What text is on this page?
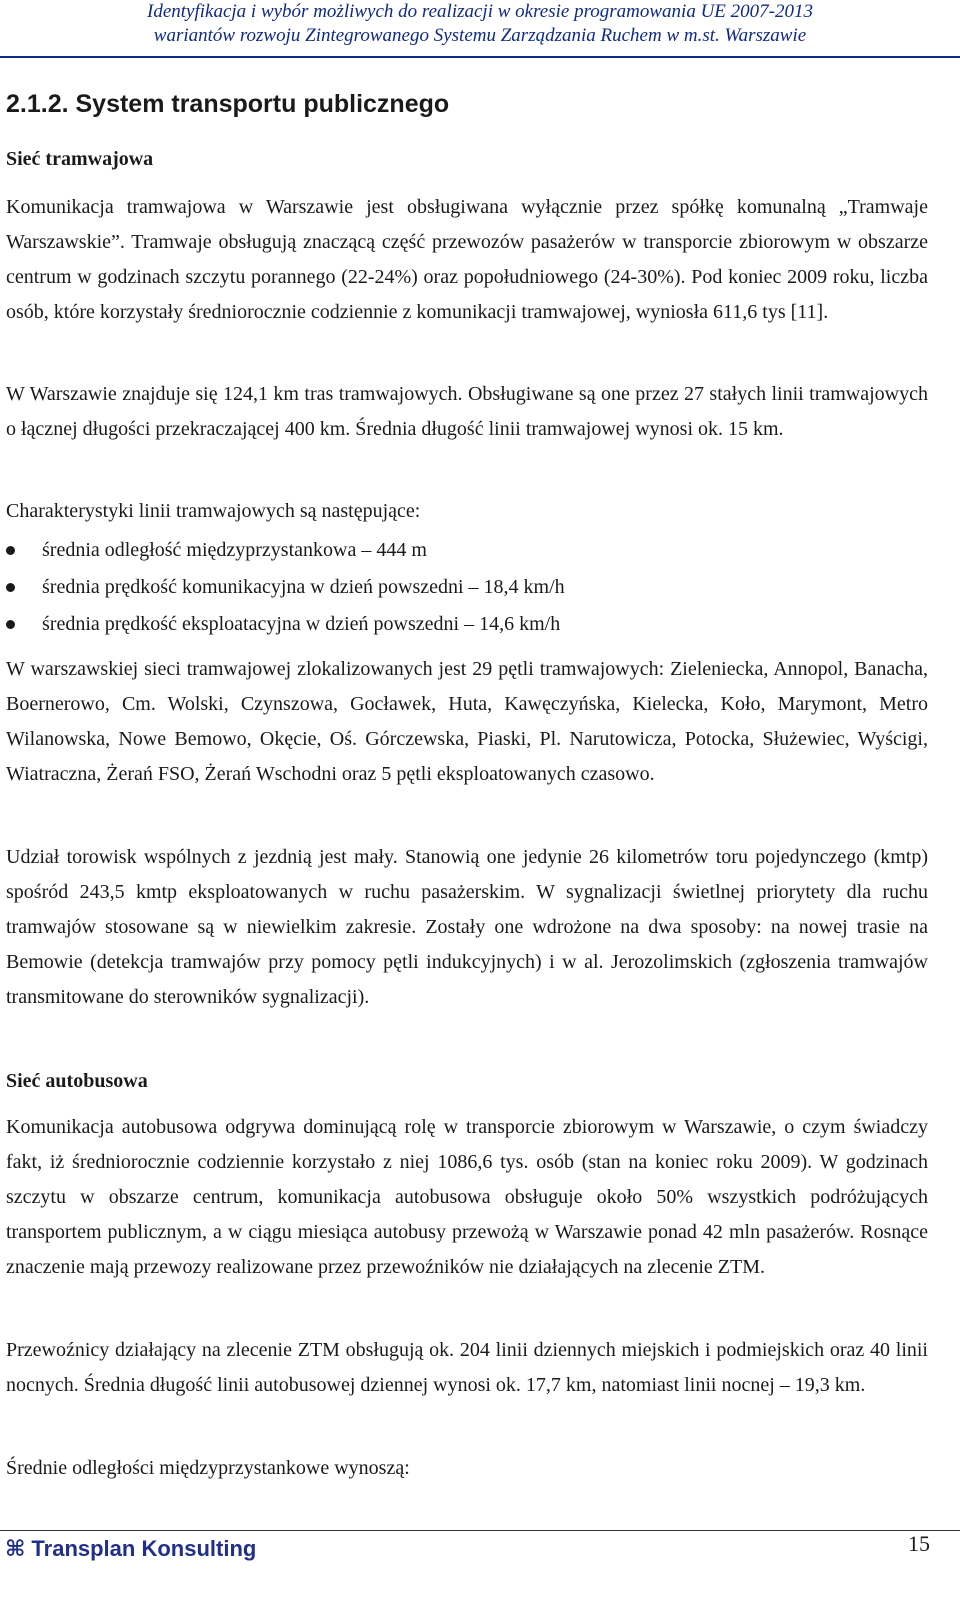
Identyfikacja i wybór możliwych do realizacji w okresie programowania UE 2007-2013
wariantów rozwoju Zintegrowanego Systemu Zarządzania Ruchem w m.st. Warszawie
2.1.2. System transportu publicznego
Sieć tramwajowa

Komunikacja tramwajowa w Warszawie jest obsługiwana wyłącznie przez spółkę komunalną „Tramwaje Warszawskie”. Tramwaje obsługują znaczącą część przewozów pasażerów w transporcie zbiorowym w obszarze centrum w godzinach szczytu porannego (22-24%) oraz popołudniowego (24-30%). Pod koniec 2009 roku, liczba osób, które korzystały średniorocznie codziennie z komunikacji tramwajowej, wyniosła 611,6 tys [11].

W Warszawie znajduje się 124,1 km tras tramwajowych. Obsługiwane są one przez 27 stałych linii tramwajowych o łącznej długości przekraczającej 400 km. Średnia długość linii tramwajowej wynosi ok. 15 km.

Charakterystyki linii tramwajowych są następujące:

średnia odległość międzyprzystankowa – 444 m
średnia prędkość komunikacyjna w dzień powszedni – 18,4 km/h
średnia prędkość eksploatacyjna w dzień powszedni – 14,6 km/h

W warszawskiej sieci tramwajowej zlokalizowanych jest 29 pętli tramwajowych: Zieleniecka, Annopol, Banacha, Boernerowo, Cm. Wolski, Czynszowa, Gocławek, Huta, Kawęczyńska, Kielecka, Koło, Marymont, Metro Wilanowska, Nowe Bemowo, Okęcie, Oś. Górczewska, Piaski, Pl. Narutowicza, Potocka, Służewiec, Wyścigi, Wiatraczna, Żerań FSO, Żerań Wschodni oraz 5 pętli eksploatowanych czasowo.

Udział torowisk wspólnych z jezdnią jest mały. Stanowią one jedynie 26 kilometrów toru pojedynczego (kmtp) spośród 243,5 kmtp eksploatowanych w ruchu pasażerskim. W sygnalizacji świetlnej priorytety dla ruchu tramwajów stosowane są w niewielkim zakresie. Zostały one wdrożone na dwa sposoby: na nowej trasie na Bemowie (detekcja tramwajów przy pomocy pętli indukcyjnych) i w al. Jerozolimskich (zgłoszenia tramwajów transmitowane do sterowników sygnalizacji).

Sieć autobusowa

Komunikacja autobusowa odgrywa dominującą rolę w transporcie zbiorowym w Warszawie, o czym świadczy fakt, iż średniorocznie codziennie korzystało z niej 1086,6 tys. osób (stan na koniec roku 2009). W godzinach szczytu w obszarze centrum, komunikacja autobusowa obsługuje około 50% wszystkich podróżujących transportem publicznym, a w ciągu miesiąca autobusy przewożą w Warszawie ponad 42 mln pasażerów. Rosnące znaczenie mają przewozy realizowane przez przewoźników nie działających na zlecenie ZTM.

Przewoźnicy działający na zlecenie ZTM obsługują ok. 204 linii dziennych miejskich i podmiejskich oraz 40 linii nocnych. Średnia długość linii autobusowej dziennej wynosi ok. 17,7 km, natomiast linii nocnej – 19,3 km.

Średnie odległości międzyprzystankowe wynoszą:

⌘ Transplan Konsulting	15
